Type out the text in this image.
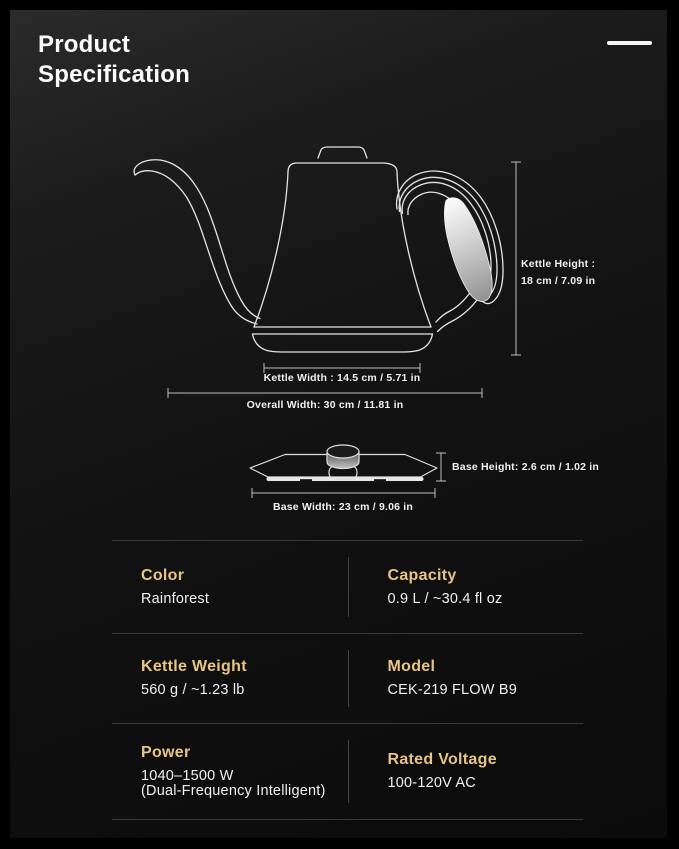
Product
Specification
Kettle Height :
18 cm / 7.09 in
Kettle Width : 14.5 cm / 5.71 in
Overall Width: 30 cm / 11.81 in
Base Height: 2.6 cm / 1.02 in
Base Width: 23 cm / 9.06 in
Color
Rainforest
Capacity
0.9 L / ~30.4 fl oz
Kettle Weight
560 g / ~1.23 lb
Model
CEK-219 FLOW B9
Power
1040–1500 W
(Dual-Frequency Intelligent)
Rated Voltage
100-120V AC
